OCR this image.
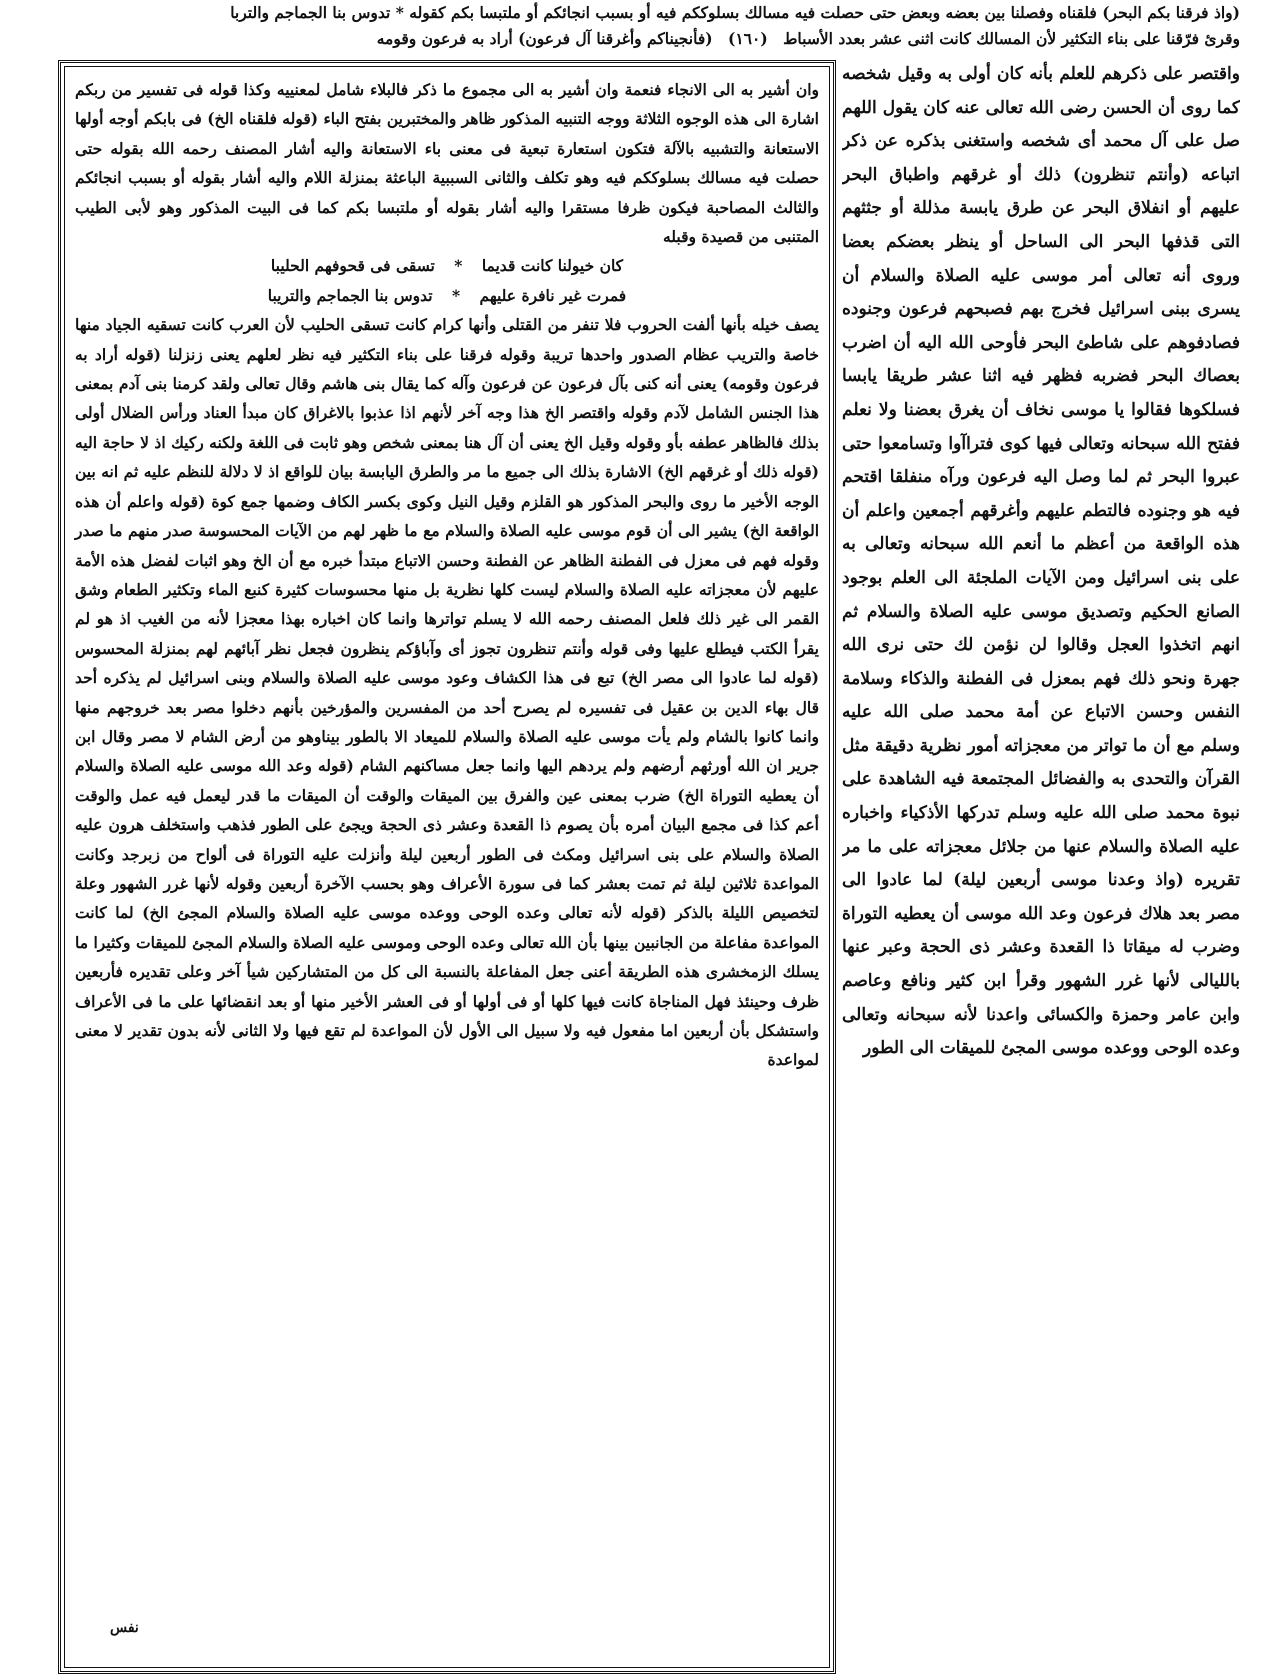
(واذ فرقنا بكم البحر) فلقناه وفصلنا بين بعضه وبعض حتى حصلت فيه مسالك بسلوككم فيه أو بسبب انجائكم أو ملتبسا بكم كقوله * تدوس بنا الجماجم والتربا
وقرئ فرّقنا على بناء التكثير لأن المسالك كانت اثنى عشر بعدد الأسباط (١٦٠) (فأنجيناكم وأغرقنا آل فرعون) أراد به فرعون وقومه

واقتصر على ذكرهم للعلم بأنه كان أولى به وقيل شخصه كما روى أن الحسن رضى الله تعالى عنه كان يقول اللهم صل على آل محمد أى شخصه واستغنى بذكره عن ذكر اتباعه (وأنتم تنظرون) ذلك أو غرقهم واطباق البحر عليهم أو انفلاق البحر عن طرق يابسة مذللة أو جثثهم التى قذفها البحر الى الساحل أو ينظر بعضكم بعضا وروى أنه تعالى أمر موسى عليه الصلاة والسلام أن يسرى ببنى اسرائيل فخرج بهم فصبحهم فرعون وجنوده فصادفوهم على شاطئ البحر فأوحى الله اليه أن اضرب بعصاك البحر فضربه فظهر فيه اثنا عشر طريقا يابسا فسلكوها فقالوا يا موسى نخاف أن يغرق بعضنا ولا نعلم ففتح الله سبحانه وتعالى فيها كوى فتراآوا وتسامعوا حتى عبروا البحر ثم لما وصل اليه فرعون ورآه منفلقا اقتحم فيه هو وجنوده فالتطم عليهم وأغرقهم أجمعين واعلم أن هذه الواقعة من أعظم ما أنعم الله سبحانه وتعالى به على بنى اسرائيل ومن الآيات الملجئة الى العلم بوجود الصانع الحكيم وتصديق موسى عليه الصلاة والسلام ثم انهم اتخذوا العجل وقالوا لن نؤمن لك حتى نرى الله جهرة ونحو ذلك فهم بمعزل فى الفطنة والذكاء وسلامة النفس وحسن الاتباع عن أمة محمد صلى الله عليه وسلم مع أن ما تواتر من معجزاته أمور نظرية دقيقة مثل القرآن والتحدى به والفضائل المجتمعة فيه الشاهدة على نبوة محمد صلى الله عليه وسلم تدركها الأذكياء واخباره عليه الصلاة والسلام عنها من جلائل معجزاته على ما مر تقريره (واذ وعدنا موسى أربعين ليلة) لما عادوا الى مصر بعد هلاك فرعون وعد الله موسى أن يعطيه التوراة وضرب له ميقاتا ذا القعدة وعشر ذى الحجة وعبر عنها بالليالى لأنها غرر الشهور وقرأ ابن كثير ونافع وعاصم وابن عامر وحمزة والكسائى واعدنا لأنه سبحانه وتعالى وعده الوحى ووعده موسى المجئ للميقات الى الطور

وان أشير به الى الانجاء فنعمة وان أشير به الى مجموع ما ذكر فالبلاء شامل لمعنييه وكذا قوله فى تفسير من ربكم اشارة الى هذه الوجوه الثلاثة ووجه التنبيه المذكور ظاهر والمختبرين بفتح الباء (قوله فلقناه الخ) فى بابكم أوجه أولها الاستعانة والتشبيه بالآلة فتكون استعارة تبعية فى معنى باء الاستعانة واليه أشار المصنف رحمه الله بقوله حتى حصلت فيه مسالك بسلوككم فيه وهو تكلف والثانى السببية الباعثة بمنزلة اللام واليه أشار بقوله أو بسبب انجائكم والثالث المصاحبة فيكون ظرفا مستقرا واليه أشار بقوله أو ملتبسا بكم كما فى البيت المذكور وهو لأبى الطيب المتنبى من قصيدة وقبله

كان خيولنا كانت قديما * تسقى فى قحوفهم الحليبا
فمرت غير نافرة عليهم * تدوس بنا الجماجم والتريبا

يصف خيله بأنها ألفت الحروب فلا تنفر من القتلى وأنها كرام كانت تسقى الحليب لأن العرب كانت تسقيه الجياد منها خاصة والتريب عظام الصدور واحدها تريبة وقوله فرقنا على بناء التكثير فيه نظر لعلهم يعنى زنزلنا (قوله أراد به فرعون وقومه) يعنى أنه كنى بآل فرعون عن فرعون وآله كما يقال بنى هاشم وقال تعالى ولقد كرمنا بنى آدم بمعنى هذا الجنس الشامل لآدم وقوله واقتصر الخ هذا وجه آخر لأنهم اذا عذبوا بالاغراق كان مبدأ العناد ورأس الضلال أولى بذلك فالظاهر عطفه بأو وقوله وقيل الخ يعنى أن آل هنا بمعنى شخص وهو ثابت فى اللغة ولكنه ركيك اذ لا حاجة اليه (قوله ذلك أو غرقهم الخ) الاشارة بذلك الى جميع ما مر والطرق اليابسة بيان للواقع اذ لا دلالة للنظم عليه ثم انه بين الوجه الأخير ما روى والبحر المذكور هو القلزم وقيل النيل وكوى بكسر الكاف وضمها جمع كوة (قوله واعلم أن هذه الواقعة الخ) يشير الى أن قوم موسى عليه الصلاة والسلام مع ما ظهر لهم من الآيات المحسوسة صدر منهم ما صدر وقوله فهم فى معزل فى الفطنة الظاهر عن الفطنة وحسن الاتباع مبتدأ خبره مع أن الخ وهو اثبات لفضل هذه الأمة عليهم لأن معجزاته عليه الصلاة والسلام ليست كلها نظرية بل منها محسوسات كثيرة كنبع الماء وتكثير الطعام وشق القمر الى غير ذلك فلعل المصنف رحمه الله لا يسلم تواترها وانما كان اخباره بهذا معجزا لأنه من الغيب اذ هو لم يقرأ الكتب فيطلع عليها وفى قوله وأنتم تنظرون تجوز أى وآباؤكم ينظرون فجعل نظر آبائهم لهم بمنزلة المحسوس (قوله لما عادوا الى مصر الخ) تبع فى هذا الكشاف وعود موسى عليه الصلاة والسلام وبنى اسرائيل لم يذكره أحد قال بهاء الدين بن عقيل فى تفسيره لم يصرح أحد من المفسرين والمؤرخين بأنهم دخلوا مصر بعد خروجهم منها وانما كانوا بالشام ولم يأت موسى عليه الصلاة والسلام للميعاد الا بالطور بيناوهو من أرض الشام لا مصر وقال ابن جرير ان الله أورثهم أرضهم ولم يردهم اليها وانما جعل مساكنهم الشام (قوله وعد الله موسى عليه الصلاة والسلام أن يعطيه التوراة الخ) ضرب بمعنى عين والفرق بين الميقات والوقت أن الميقات ما قدر ليعمل فيه عمل والوقت أعم كذا فى مجمع البيان أمره بأن يصوم ذا القعدة وعشر ذى الحجة ويجئ على الطور فذهب واستخلف هرون عليه الصلاة والسلام على بنى اسرائيل ومكث فى الطور أربعين ليلة وأنزلت عليه التوراة فى ألواح من زبرجد وكانت المواعدة ثلاثين ليلة ثم تمت بعشر كما فى سورة الأعراف وهو بحسب الآخرة أربعين وقوله لأنها غرر الشهور وعلة لتخصيص الليلة بالذكر (قوله لأنه تعالى وعده الوحى ووعده موسى عليه الصلاة والسلام المجئ الخ) لما كانت المواعدة مفاعلة من الجانبين بينها بأن الله تعالى وعده الوحى وموسى عليه الصلاة والسلام المجئ للميقات وكثيرا ما يسلك الزمخشرى هذه الطريقة أعنى جعل المفاعلة بالنسبة الى كل من المتشاركين شيأ آخر وعلى تقديره فأربعين ظرف وحينئذ فهل المناجاة كانت فيها كلها أو فى أولها أو فى العشر الأخير منها أو بعد انقضائها على ما فى الأعراف واستشكل بأن أربعين اما مفعول فيه ولا سبيل الى الأول لأن المواعدة لم تقع فيها ولا الثانى لأنه بدون تقدير لا معنى لمواعدة

نفس
